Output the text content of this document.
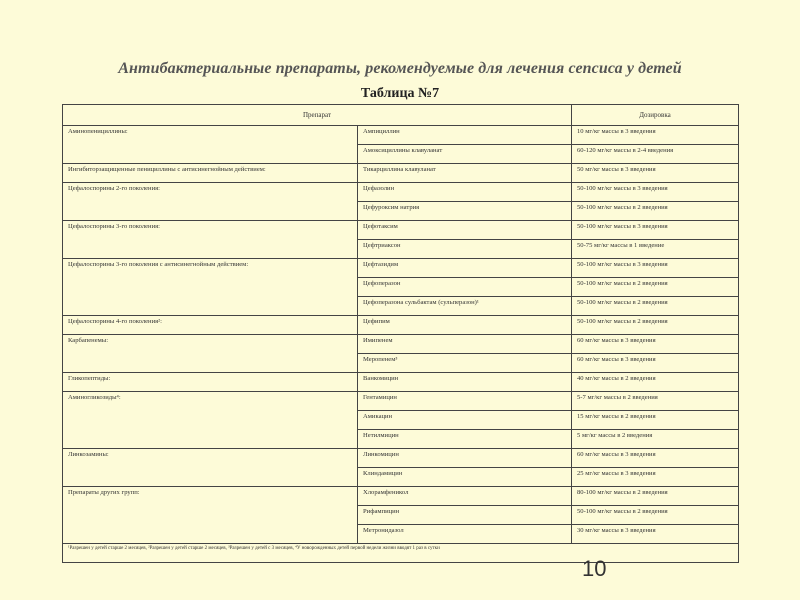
Антибактериальные препараты, рекомендуемые для лечения сепсиса у детей
Таблица №7
Препарат		Дозировка
Аминопенициллины:	Ампициллин	10 мг/кг массы в 3 введения
	Амоксициллины клавуланат	60-120 мг/кг массы в 2-4 введения
Ингибиторзащищенные пенициллины с антисинегнойным действием:	Тикарциллина клавуланат	50 мг/кг массы в 3 введения
Цефалоспорины 2-го поколения:	Цефазолин	50-100 мг/кг массы в 3 введения
	Цефуроксим натрия	50-100 мг/кг массы в 2 введения
Цефалоспорины 3-го поколения:	Цефотаксим	50-100 мг/кг массы в 3 введения
	Цефтриаксон	50-75 мг/кг массы в 1 введение
Цефалоспорины 3-го поколения с антисинегнойным действием:	Цефтазидим	50-100 мг/кг массы в 3 введения
	Цефоперазон	50-100 мг/кг массы в 2 введения
	Цефоперазона сульбактам (сульперазон)¹	50-100 мг/кг массы в 2 введения
Цефалоспорины 4-го поколения²:	Цефипим	50-100 мг/кг массы в 2 введения
Карбапенемы:	Имипенем	60 мг/кг массы в 3 введения
	Меропенем³	60 мг/кг массы в 3 введения
Гликопептиды:	Ванкомицин	40 мг/кг массы в 2 введения
Аминогликозиды⁴:	Гентамицин	5-7 мг/кг массы в 2 введения
	Амикацин	15 мг/кг массы в 2 введения
	Нетилмицин	5 мг/кг массы в 2 введения
Линкозамины:	Линкомицин	60 мг/кг массы в 3 введения
	Клиндамицин	25 мг/кг массы в 3 введения
Препараты других групп:	Хлорамфеникол	80-100 мг/кг массы в 2 введения
	Рифампицин	50-100 мг/кг массы в 2 введения
	Метронидазол	30 мг/кг массы в 3 введения
¹Разрешен у детей старше 2 месяцев, ²Разрешен у детей старше 2 месяцев, ³Разрешен у детей с 3 месяцев, ⁴У новорожденных детей первой недели жизни вводят 1 раз в сутки		
10
